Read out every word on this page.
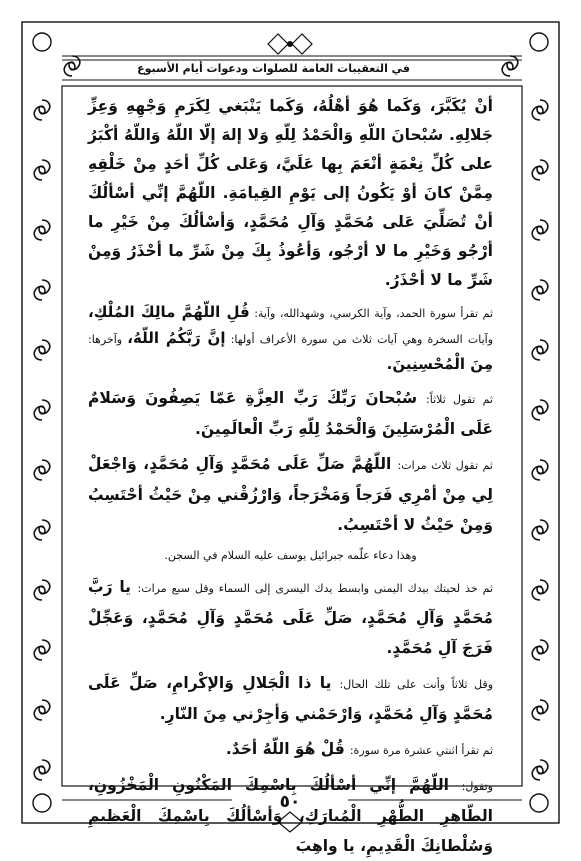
في التعقيبات العامة للصلوات ودعوات أيام الأسبوع

أنْ يُكَبَّرَ، وَكَما هُوَ أهْلُهُ، وَكَما يَنْبَغي لِكَرَمِ وَجْهِهِ وَعِزِّ جَلالِهِ. سُبْحانَ اللّهِ وَالْحَمْدُ لِلّهِ وَلا إلهَ إلّا اللّهُ وَاللّهُ أكْبَرُ على كُلِّ نِعْمَةٍ أنْعَمَ بِها عَلَيَّ، وَعَلى كُلِّ أحَدٍ مِنْ خَلْقِهِ مِمَّنْ كانَ أوْ يَكُونُ إلى يَوْمِ القِيامَةِ. اللّهُمَّ إنِّي أسْألُكَ أنْ تُصَلِّيَ عَلى مُحَمَّدٍ وَآلِ مُحَمَّدٍ، وَأسْألُكَ مِنْ خَيْرِ ما أرْجُو وَخَيْرِ ما لا أرْجُو، وَأعُوذُ بِكَ مِنْ شَرِّ ما أحْذَرُ وَمِنْ شَرِّ ما لا أحْذَرُ.

ثم تقرأ سورة الحمد، وآية الكرسي، وشهدالله، وآية: قُلِ اللّهُمَّ مالِكَ المُلْكِ، وآيات السخرة وهي آيات ثلاث من سورة الأعراف أولها: إنَّ رَبَّكُمُ اللّهُ، وآخرها: مِنَ الْمُحْسِنِينَ.
ثم تقول ثلاثاً: سُبْحانَ رَبِّكَ رَبِّ العِزَّةِ عَمّا يَصِفُونَ وَسَلامٌ عَلَى الْمُرْسَلِينَ وَالْحَمْدُ لِلّهِ رَبِّ الْعالَمِينَ.
ثم تقول ثلاث مرات: اللّهُمَّ صَلِّ عَلَى مُحَمَّدٍ وَآلِ مُحَمَّدٍ، وَاجْعَلْ لِي مِنْ أمْرِي فَرَجاً وَمَخْرَجاً، وَارْزُقْني مِنْ حَيْثُ أحْتَسِبُ وَمِنْ حَيْثُ لا أحْتَسِبُ.
وهذا دعاء علّمه جبرائيل يوسف عليه السلام في السجن.
ثم خذ لحيتك بيدك اليمنى وابسط يدك اليسرى إلى السماء وقل سبع مرات: يا رَبَّ مُحَمَّدٍ وَآلِ مُحَمَّدٍ، صَلِّ عَلَى مُحَمَّدٍ وَآلِ مُحَمَّدٍ، وَعَجِّلْ فَرَجَ آلِ مُحَمَّدٍ.
وقل ثلاثاً وأنت على تلك الحال: يا ذا الْجَلالِ وَالإكْرامِ، صَلِّ عَلَى مُحَمَّدٍ وَآلِ مُحَمَّدٍ، وَارْحَمْني وَأجِرْني مِنَ النّارِ.
ثم تقرأ اثنتي عشرة مرة سورة: قُلْ هُوَ اللّهُ أحَدٌ.
وتقول: اللّهُمَّ إنِّي أسْألُكَ بِاسْمِكَ المَكْنُونِ الْمَخْزُونِ، الطّاهِرِ الطُّهْرِ الْمُبارَكِ، وَأسْألُكَ بِاسْمِكَ الْعَظِيمِ وَسُلْطانِكَ الْقَدِيمِ، يا واهِبَ
٥٠
